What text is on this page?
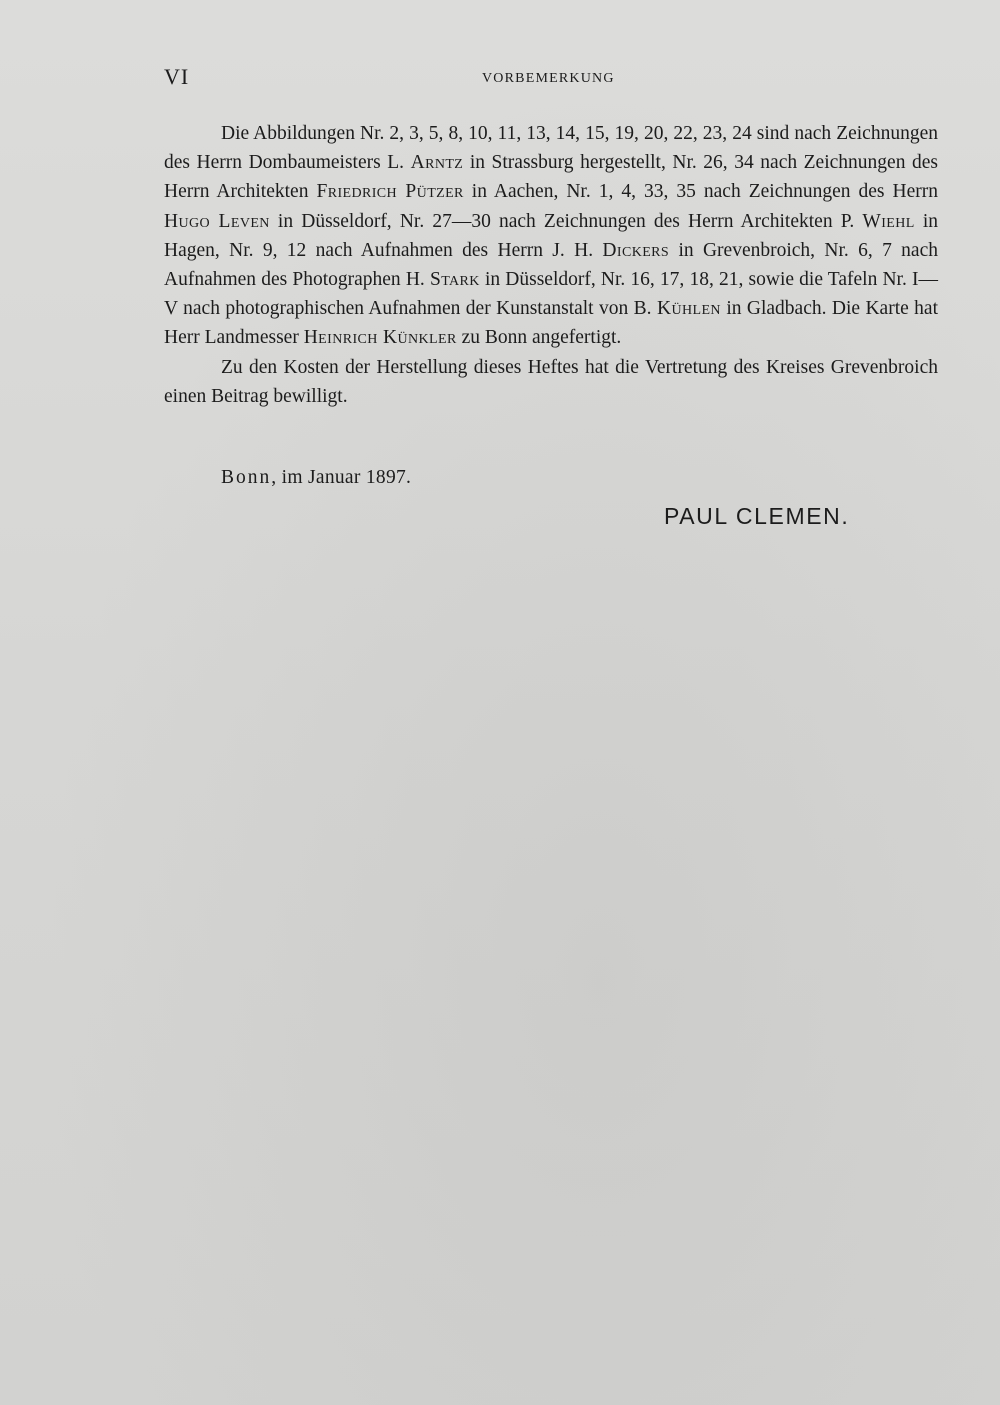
VI	VORBEMERKUNG

Die Abbildungen Nr. 2, 3, 5, 8, 10, 11, 13, 14, 15, 19, 20, 22, 23, 24 sind nach Zeichnungen des Herrn Dombaumeisters L. Arntz in Strassburg hergestellt, Nr. 26, 34 nach Zeichnungen des Herrn Architekten Friedrich Pützer in Aachen, Nr. 1, 4, 33, 35 nach Zeichnungen des Herrn Hugo Leven in Düsseldorf, Nr. 27—30 nach Zeichnungen des Herrn Architekten P. Wiehl in Hagen, Nr. 9, 12 nach Aufnahmen des Herrn J. H. Dickers in Grevenbroich, Nr. 6, 7 nach Aufnahmen des Photographen H. Stark in Düsseldorf, Nr. 16, 17, 18, 21, sowie die Tafeln Nr. I—V nach photographischen Aufnahmen der Kunstanstalt von B. Kühlen in Gladbach. Die Karte hat Herr Landmesser Heinrich Künkler zu Bonn angefertigt.

Zu den Kosten der Herstellung dieses Heftes hat die Vertretung des Kreises Grevenbroich einen Beitrag bewilligt.

Bonn, im Januar 1897.
PAUL CLEMEN.
